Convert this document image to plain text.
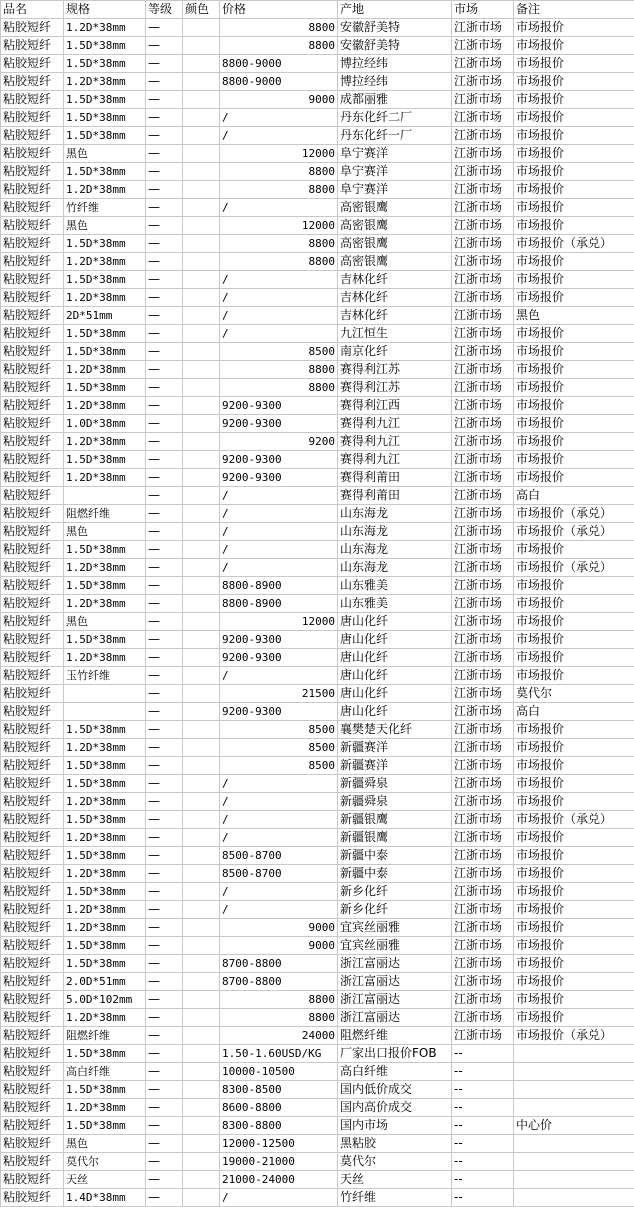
品名	规格	等级	颜色	价格	产地	市场	备注
粘胶短纤	1.2D*38mm	—		8800	安徽舒美特	江浙市场	市场报价
粘胶短纤	1.5D*38mm	—		8800	安徽舒美特	江浙市场	市场报价
粘胶短纤	1.5D*38mm	—		8800-9000	博拉经纬	江浙市场	市场报价
粘胶短纤	1.2D*38mm	—		8800-9000	博拉经纬	江浙市场	市场报价
粘胶短纤	1.5D*38mm	—		9000	成都丽雅	江浙市场	市场报价
粘胶短纤	1.5D*38mm	—		/	丹东化纤二厂	江浙市场	市场报价
粘胶短纤	1.5D*38mm	—		/	丹东化纤一厂	江浙市场	市场报价
粘胶短纤	黑色	—		12000	阜宁赛洋	江浙市场	市场报价
粘胶短纤	1.5D*38mm	—		8800	阜宁赛洋	江浙市场	市场报价
粘胶短纤	1.2D*38mm	—		8800	阜宁赛洋	江浙市场	市场报价
粘胶短纤	竹纤维	—		/	高密银鹰	江浙市场	市场报价
粘胶短纤	黑色	—		12000	高密银鹰	江浙市场	市场报价
粘胶短纤	1.5D*38mm	—		8800	高密银鹰	江浙市场	市场报价（承兑）
粘胶短纤	1.2D*38mm	—		8800	高密银鹰	江浙市场	市场报价
粘胶短纤	1.5D*38mm	—		/	吉林化纤	江浙市场	市场报价
粘胶短纤	1.2D*38mm	—		/	吉林化纤	江浙市场	市场报价
粘胶短纤	2D*51mm	—		/	吉林化纤	江浙市场	黑色
粘胶短纤	1.5D*38mm	—		/	九江恒生	江浙市场	市场报价
粘胶短纤	1.5D*38mm	—		8500	南京化纤	江浙市场	市场报价
粘胶短纤	1.2D*38mm	—		8800	赛得利江苏	江浙市场	市场报价
粘胶短纤	1.5D*38mm	—		8800	赛得利江苏	江浙市场	市场报价
粘胶短纤	1.2D*38mm	—		9200-9300	赛得利江西	江浙市场	市场报价
粘胶短纤	1.0D*38mm	—		9200-9300	赛得利九江	江浙市场	市场报价
粘胶短纤	1.2D*38mm	—		9200	赛得利九江	江浙市场	市场报价
粘胶短纤	1.5D*38mm	—		9200-9300	赛得利九江	江浙市场	市场报价
粘胶短纤	1.2D*38mm	—		9200-9300	赛得利莆田	江浙市场	市场报价
粘胶短纤		—		/	赛得利莆田	江浙市场	高白
粘胶短纤	阻燃纤维	—		/	山东海龙	江浙市场	市场报价（承兑）
粘胶短纤	黑色	—		/	山东海龙	江浙市场	市场报价（承兑）
粘胶短纤	1.5D*38mm	—		/	山东海龙	江浙市场	市场报价
粘胶短纤	1.2D*38mm	—		/	山东海龙	江浙市场	市场报价（承兑）
粘胶短纤	1.5D*38mm	—		8800-8900	山东雅美	江浙市场	市场报价
粘胶短纤	1.2D*38mm	—		8800-8900	山东雅美	江浙市场	市场报价
粘胶短纤	黑色	—		12000	唐山化纤	江浙市场	市场报价
粘胶短纤	1.5D*38mm	—		9200-9300	唐山化纤	江浙市场	市场报价
粘胶短纤	1.2D*38mm	—		9200-9300	唐山化纤	江浙市场	市场报价
粘胶短纤	玉竹纤维	—		/	唐山化纤	江浙市场	市场报价
粘胶短纤		—		21500	唐山化纤	江浙市场	莫代尔
粘胶短纤		—		9200-9300	唐山化纤	江浙市场	高白
粘胶短纤	1.5D*38mm	—		8500	襄樊楚天化纤	江浙市场	市场报价
粘胶短纤	1.2D*38mm	—		8500	新疆赛洋	江浙市场	市场报价
粘胶短纤	1.5D*38mm	—		8500	新疆赛洋	江浙市场	市场报价
粘胶短纤	1.5D*38mm	—		/	新疆舜泉	江浙市场	市场报价
粘胶短纤	1.2D*38mm	—		/	新疆舜泉	江浙市场	市场报价
粘胶短纤	1.5D*38mm	—		/	新疆银鹰	江浙市场	市场报价（承兑）
粘胶短纤	1.2D*38mm	—		/	新疆银鹰	江浙市场	市场报价
粘胶短纤	1.5D*38mm	—		8500-8700	新疆中泰	江浙市场	市场报价
粘胶短纤	1.2D*38mm	—		8500-8700	新疆中泰	江浙市场	市场报价
粘胶短纤	1.5D*38mm	—		/	新乡化纤	江浙市场	市场报价
粘胶短纤	1.2D*38mm	—		/	新乡化纤	江浙市场	市场报价
粘胶短纤	1.2D*38mm	—		9000	宜宾丝丽雅	江浙市场	市场报价
粘胶短纤	1.5D*38mm	—		9000	宜宾丝丽雅	江浙市场	市场报价
粘胶短纤	1.5D*38mm	—		8700-8800	浙江富丽达	江浙市场	市场报价
粘胶短纤	2.0D*51mm	—		8700-8800	浙江富丽达	江浙市场	市场报价
粘胶短纤	5.0D*102mm	—		8800	浙江富丽达	江浙市场	市场报价
粘胶短纤	1.2D*38mm	—		8800	浙江富丽达	江浙市场	市场报价
粘胶短纤	阻燃纤维	—		24000	阻燃纤维	江浙市场	市场报价（承兑）
粘胶短纤	1.5D*38mm	—		1.50-1.60USD/KG	厂家出口报价FOB	--	
粘胶短纤	高白纤维	—		10000-10500	高白纤维	--	
粘胶短纤	1.5D*38mm	—		8300-8500	国内低价成交	--	
粘胶短纤	1.2D*38mm	—		8600-8800	国内高价成交	--	
粘胶短纤	1.5D*38mm	—		8300-8800	国内市场	--	中心价
粘胶短纤	黑色	—		12000-12500	黑粘胶	--	
粘胶短纤	莫代尔	—		19000-21000	莫代尔	--	
粘胶短纤	天丝	—		21000-24000	天丝	--	
粘胶短纤	1.4D*38mm	—		/	竹纤维	--	
